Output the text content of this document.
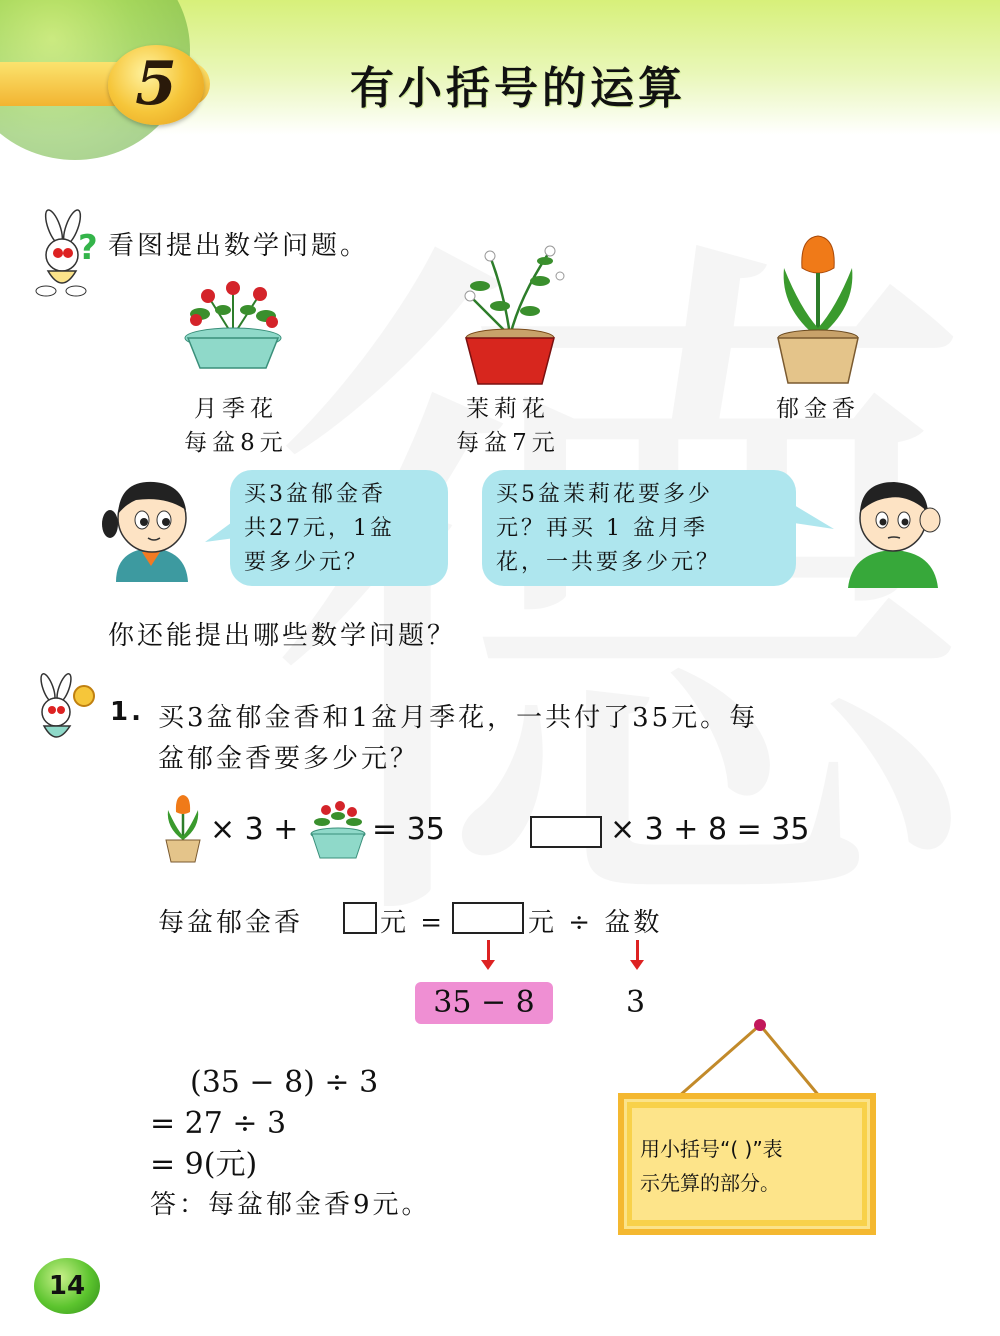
5	有小括号的运算
? 看图提出数学问题。
月季花
每盆8元
茉莉花
每盆7元
郁金香
买3盆郁金香
共27元，1盆
要多少元？
买5盆茉莉花要多少
元？再买 1 盆月季
花，一共要多少元？
你还能提出哪些数学问题？
1. 买3盆郁金香和1盆月季花，一共付了35元。每
盆郁金香要多少元？
× 3 + = 35	× 3 + 8 = 35
每盆郁金香	元 =	元 ÷ 盆数
35 − 8	3
(35 − 8) ÷ 3
= 27 ÷ 3
= 9(元)
答：每盆郁金香9元。
用小括号“( )”表
示先算的部分。
14
